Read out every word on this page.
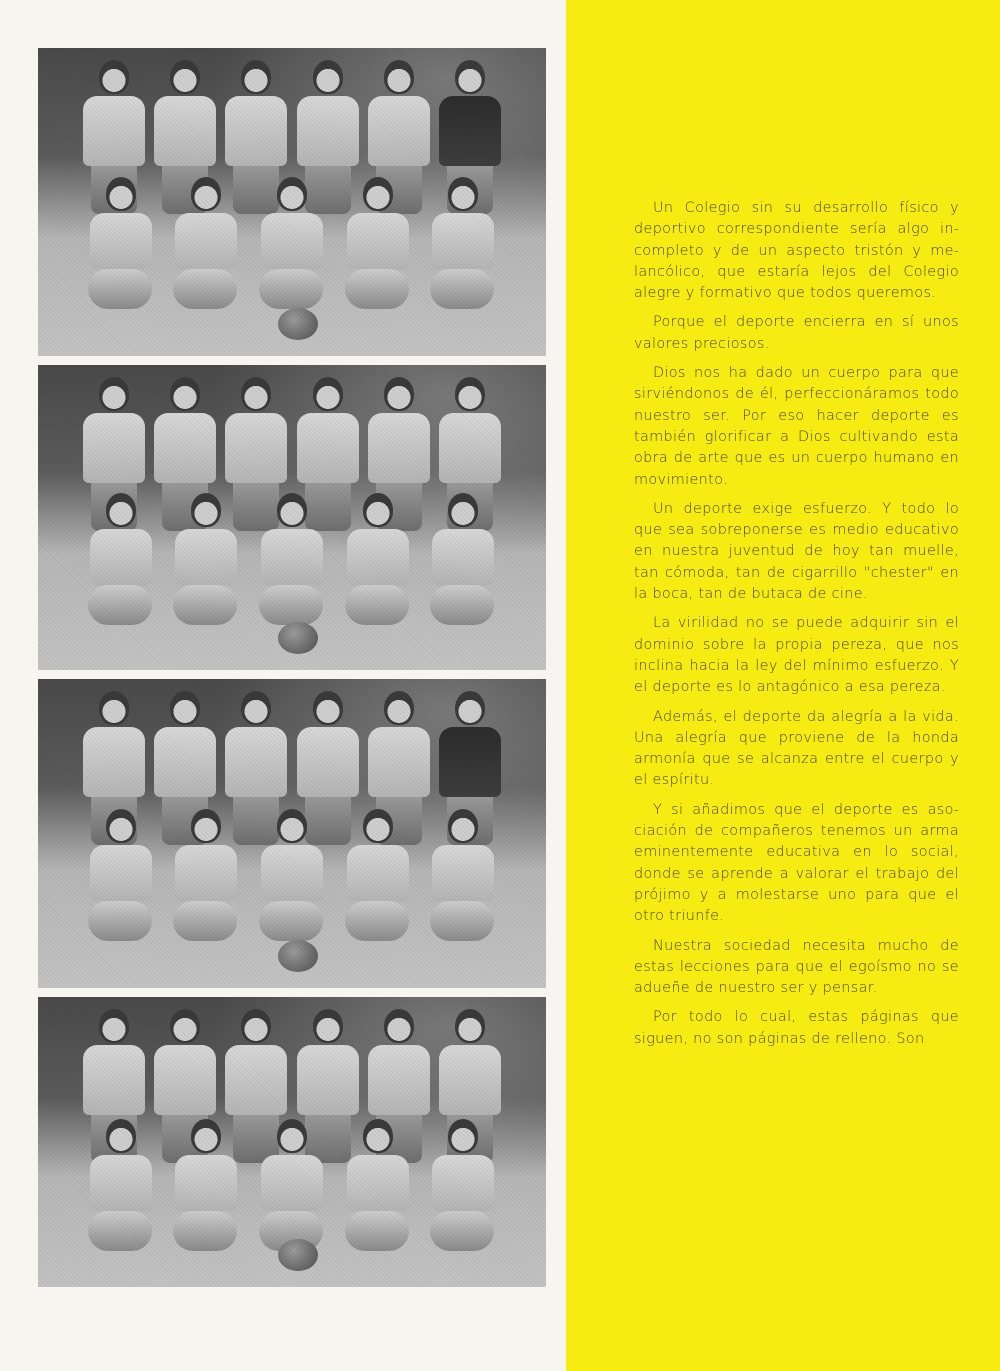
Un Colegio sin su desarrollo físico y deportivo correspondiente sería algo incompleto y de un aspecto tristón y melancólico, que estaría lejos del Colegio alegre y formativo que todos queremos.

Porque el deporte encierra en sí unos valores preciosos.

Dios nos ha dado un cuerpo para que sirviéndonos de él, perfeccionáramos todo nuestro ser. Por eso hacer deporte es también glorificar a Dios cultivando esta obra de arte que es un cuerpo humano en movimiento.

Un deporte exige esfuerzo. Y todo lo que sea sobreponerse es medio educativo en nuestra juventud de hoy tan muelle, tan cómoda, tan de cigarrillo "chester" en la boca, tan de butaca de cine.

La virilidad no se puede adquirir sin el dominio sobre la propia pereza, que nos inclina hacia la ley del mínimo esfuerzo. Y el deporte es lo antagónico a esa pereza.

Además, el deporte da alegría a la vida. Una alegría que proviene de la honda armonía que se alcanza entre el cuerpo y el espíritu.

Y si añadimos que el deporte es asociación de compañeros tenemos un arma eminentemente educativa en lo social, donde se aprende a valorar el trabajo del prójimo y a molestarse uno para que el otro triunfe.

Nuestra sociedad necesita mucho de estas lecciones para que el egoísmo no se adueñe de nuestro ser y pensar.

Por todo lo cual, estas páginas que siguen, no son páginas de relleno. Son
